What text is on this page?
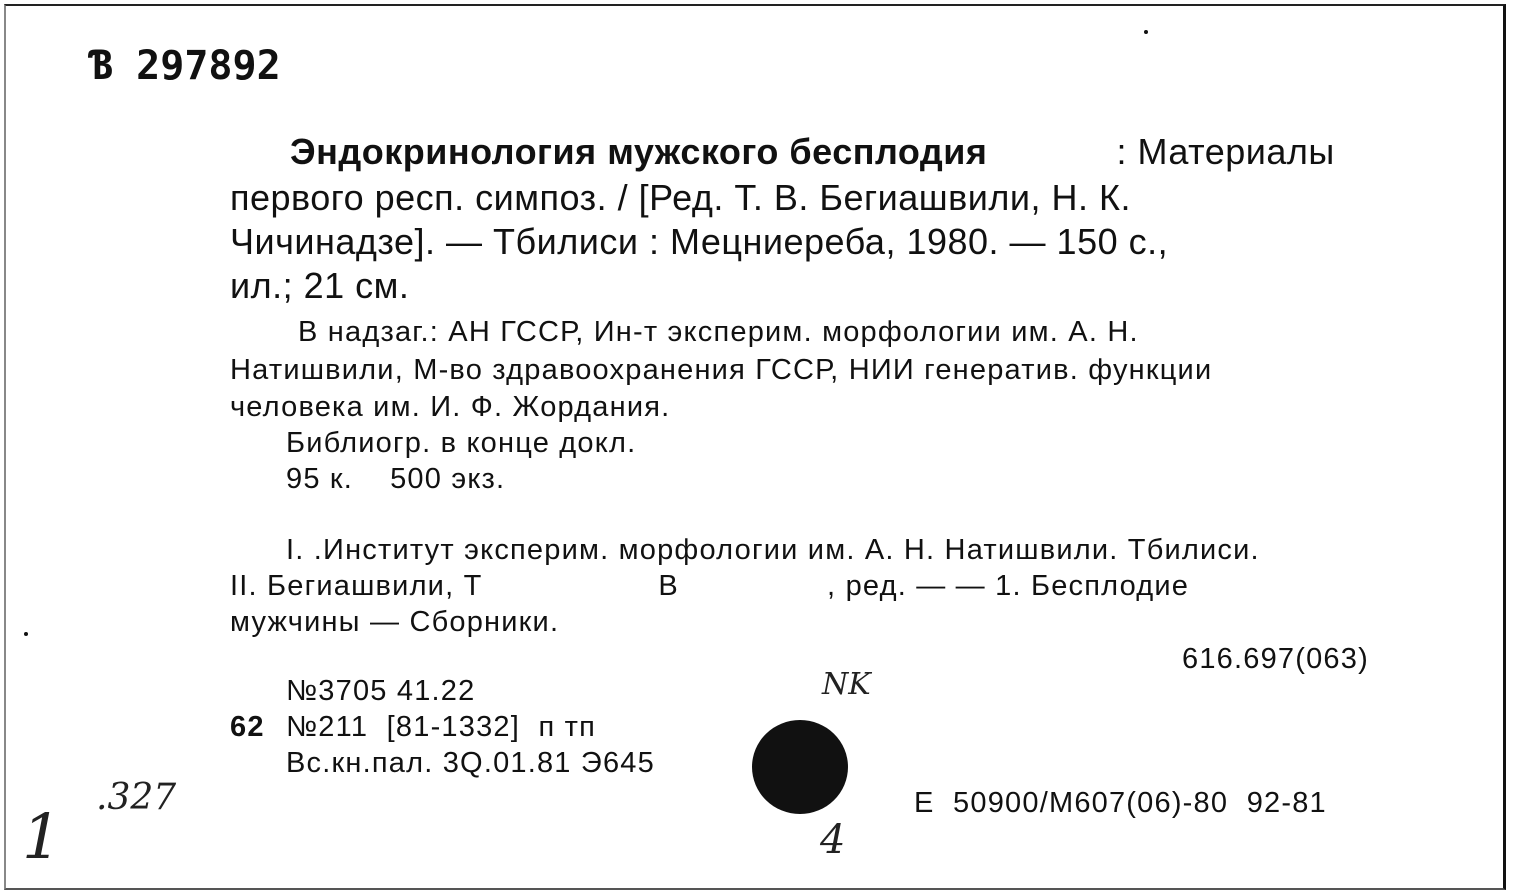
Ɓ 297892
Эндокринология мужского бесплодия	: Материалы
первого респ. симпоз. / [Ред. Т. В. Бегиашвили, Н. К.
Чичинадзе]. — Тбилиси : Мецниереба, 1980. — 150 с.,
ил.; 21 см.
В надзаг.: АН ГССР, Ин-т эксперим. морфологии им. А. Н.
Натишвили, М-во здравоохранения ГССР, НИИ генератив. функции
человека им. И. Ф. Жордания.
Библиогр. в конце докл.
95 к.    500 экз.
I. .Институт эксперим. морфологии им. А. Н. Натишвили. Тбилиси.
II. Бегиашвили, Т                   В                , ред. — — 1. Бесплодие
мужчины — Сборники.
616.697(063)
№3705 41.22
62 №211  [81-1332]  п тп
Вс.кн.пал. 3Q.01.81 Э645
Е  50900/М607(06)-80  92-81
1
.327
NK
4
